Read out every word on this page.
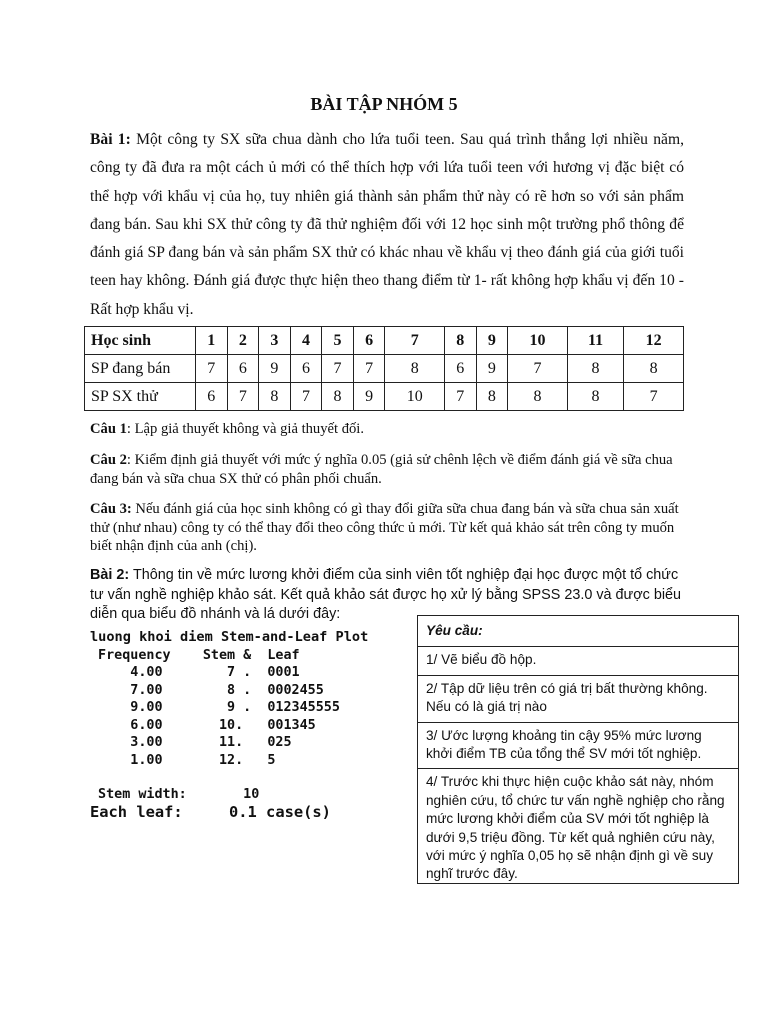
BÀI TẬP NHÓM 5
Bài 1: Một công ty SX sữa chua dành cho lứa tuổi teen. Sau quá trình thắng lợi nhiều năm, công ty đã đưa ra một cách ủ mới có thể thích hợp với lứa tuổi teen với hương vị đặc biệt có thể hợp với khẩu vị của họ, tuy nhiên giá thành sản phẩm thử này có rẽ hơn so với sản phẩm đang bán. Sau khi SX thử công ty đã thử nghiệm đối với 12 học sinh một trường phổ thông để đánh giá SP đang bán và sản phẩm SX thử có khác nhau về khẩu vị theo đánh giá của giới tuổi teen hay không. Đánh giá được thực hiện theo thang điểm từ 1- rất không hợp khẩu vị đến 10 - Rất hợp khẩu vị.
Học sinh	1	2	3	4	5	6	7	8	9	10	11	12
SP đang bán	7	6	9	6	7	7	8	6	9	7	8	8
SP SX thử	6	7	8	7	8	9	10	7	8	8	8	7
Câu 1: Lập giả thuyết không và giả thuyết đối.
Câu 2: Kiểm định giả thuyết với mức ý nghĩa 0.05 (giả sử chênh lệch về điểm đánh giá về sữa chua đang bán và sữa chua SX thử có phân phối chuẩn.
Câu 3: Nếu đánh giá của học sinh không có gì thay đổi giữa sữa chua đang bán và sữa chua sản xuất thử (như nhau) công ty có thể thay đổi theo công thức ủ mới. Từ kết quả khảo sát trên công ty muốn biết nhận định của anh (chị).
Bài 2: Thông tin về mức lương khởi điểm của sinh viên tốt nghiệp đại học được một tổ chức tư vấn nghề nghiệp khảo sát. Kết quả khảo sát được họ xử lý bằng SPSS 23.0 và được biểu diễn qua biểu đồ nhánh và lá dưới đây:
luong khoi diem Stem-and-Leaf Plot
Frequency    Stem &  Leaf
4.00        7 .  0001
7.00        8 .  0002455
9.00        9 .  012345555
6.00       10.   001345
3.00       11.   025
1.00       12.   5
Stem width:       10
Each leaf:     0.1 case(s)
Yêu cầu:
1/ Vẽ biểu đồ hộp.
2/ Tập dữ liệu trên có giá trị bất thường không. Nếu có là giá trị nào
3/ Ước lượng khoảng tin cậy 95% mức lương khởi điểm TB của tổng thể SV mới tốt nghiệp.
4/ Trước khi thực hiện cuộc khảo sát này, nhóm nghiên cứu, tổ chức tư vấn nghề nghiệp cho rằng mức lương khởi điểm của SV mới tốt nghiệp là dưới 9,5 triệu đồng. Từ kết quả nghiên cứu này, với mức ý nghĩa 0,05 họ sẽ nhận định gì về suy nghĩ trước đây.
